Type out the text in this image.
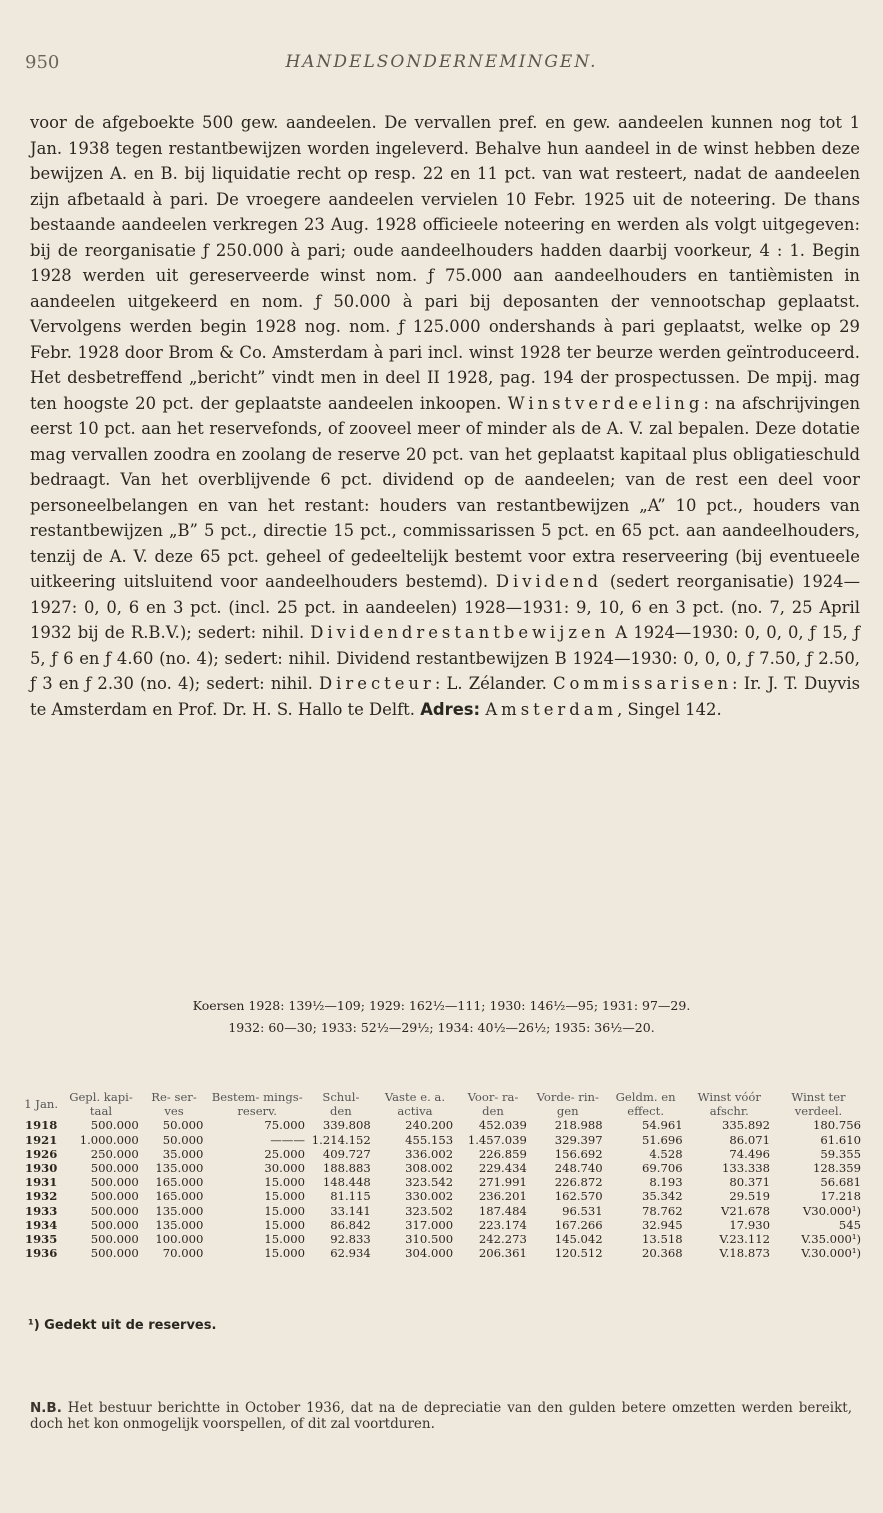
950	HANDELSONDERNEMINGEN.

voor de afgeboekte 500 gew. aandeelen. De vervallen pref. en gew. aandeelen kunnen nog tot 1 Jan. 1938 tegen restantbewijzen worden ingeleverd. Behalve hun aandeel in de winst hebben deze bewijzen A. en B. bij liquidatie recht op resp. 22 en 11 pct. van wat resteert, nadat de aandeelen zijn afbetaald à pari. De vroegere aandeelen vervielen 10 Febr. 1925 uit de noteering. De thans bestaande aandeelen verkregen 23 Aug. 1928 officieele noteering en werden als volgt uitgegeven: bij de reorganisatie ƒ 250.000 à pari; oude aandeelhouders hadden daarbij voorkeur, 4 : 1. Begin 1928 werden uit gereserveerde winst nom. ƒ 75.000 aan aandeelhouders en tantièmisten in aandeelen uitgekeerd en nom. ƒ 50.000 à pari bij deposanten der vennootschap geplaatst. Vervolgens werden begin 1928 nog. nom. ƒ 125.000 ondershands à pari geplaatst, welke op 29 Febr. 1928 door Brom & Co. Amsterdam à pari incl. winst 1928 ter beurze werden geïntroduceerd. Het desbetreffend „bericht” vindt men in deel II 1928, pag. 194 der prospectussen. De mpij. mag ten hoogste 20 pct. der geplaatste aandeelen inkoopen. Winstverdeeling: na afschrijvingen eerst 10 pct. aan het reservefonds, of zooveel meer of minder als de A. V. zal bepalen. Deze dotatie mag vervallen zoodra en zoolang de reserve 20 pct. van het geplaatst kapitaal plus obligatieschuld bedraagt. Van het overblijvende 6 pct. dividend op de aandeelen; van de rest een deel voor personeelbelangen en van het restant: houders van restantbewijzen „A” 10 pct., houders van restantbewijzen „B” 5 pct., directie 15 pct., commissarissen 5 pct. en 65 pct. aan aandeelhouders, tenzij de A. V. deze 65 pct. geheel of gedeeltelijk bestemt voor extra reserveering (bij eventueele uitkeering uitsluitend voor aandeelhouders bestemd). Dividend (sedert reorganisatie) 1924—1927: 0, 0, 6 en 3 pct. (incl. 25 pct. in aandeelen) 1928—1931: 9, 10, 6 en 3 pct. (no. 7, 25 April 1932 bij de R.B.V.); sedert: nihil. Dividendrestantbewijzen A 1924—1930: 0, 0, 0, ƒ 15, ƒ 5, ƒ 6 en ƒ 4.60 (no. 4); sedert: nihil. Dividend restantbewijzen B 1924—1930: 0, 0, 0, ƒ 7.50, ƒ 2.50, ƒ 3 en ƒ 2.30 (no. 4); sedert: nihil. Directeur: L. Zélander. Commissarisen: Ir. J. T. Duyvis te Amsterdam en Prof. Dr. H. S. Hallo te Delft. Adres: Amsterdam, Singel 142.

Koersen 1928: 139½—109; 1929: 162½—111; 1930: 146½—95; 1931: 97—29.
1932: 60—30; 1933: 52½—29½; 1934: 40½—26½; 1935: 36½—20.
1 Jan.	Gepl. kapi- taal	Re- ser- ves	Bestem- mings- reserv.	Schul- den	Vaste e. a. activa	Voor- ra- den	Vorde- rin- gen	Geldm. en effect.	Winst vóór afschr.	Winst ter verdeel.
1918	500.000	50.000	75.000	339.808	240.200	452.039	218.988	54.961	335.892	180.756
1921	1.000.000	50.000	———	1.214.152	455.153	1.457.039	329.397	51.696	86.071	61.610
1926	250.000	35.000	25.000	409.727	336.002	226.859	156.692	4.528	74.496	59.355
1930	500.000	135.000	30.000	188.883	308.002	229.434	248.740	69.706	133.338	128.359
1931	500.000	165.000	15.000	148.448	323.542	271.991	226.872	8.193	80.371	56.681
1932	500.000	165.000	15.000	81.115	330.002	236.201	162.570	35.342	29.519	17.218
1933	500.000	135.000	15.000	33.141	323.502	187.484	96.531	78.762	V21.678	V30.000¹)
1934	500.000	135.000	15.000	86.842	317.000	223.174	167.266	32.945	17.930	545
1935	500.000	100.000	15.000	92.833	310.500	242.273	145.042	13.518	V.23.112	V.35.000¹)
1936	500.000	70.000	15.000	62.934	304.000	206.361	120.512	20.368	V.18.873	V.30.000¹)
¹) Gedekt uit de reserves.
N.B. Het bestuur berichtte in October 1936, dat na de depreciatie van den gulden betere omzetten werden bereikt, doch het kon onmogelijk voorspellen, of dit zal voortduren.
